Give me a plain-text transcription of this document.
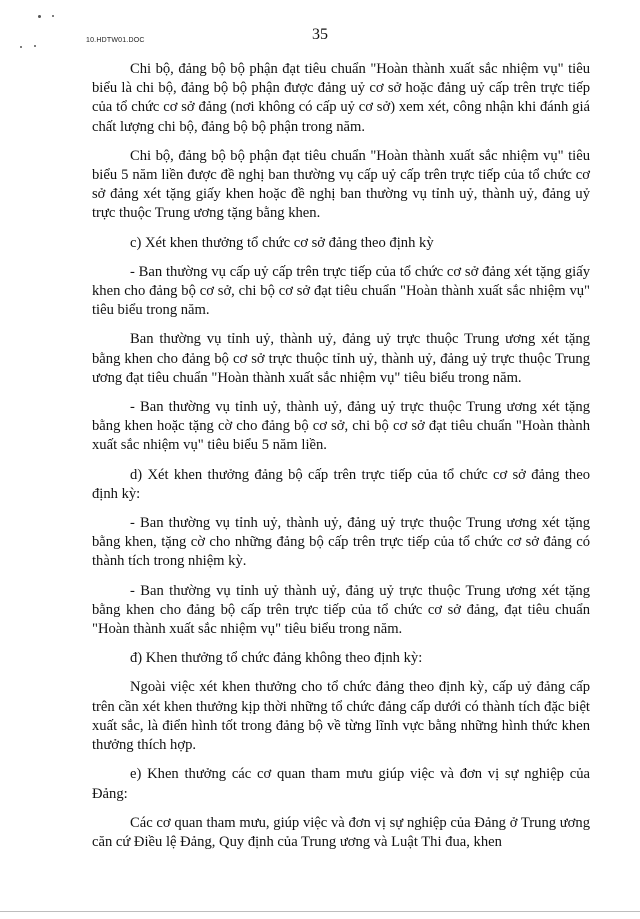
10.HDTW01.DOC	35

Chi bộ, đảng bộ bộ phận đạt tiêu chuẩn "Hoàn thành xuất sắc nhiệm vụ" tiêu biểu là chi bộ, đảng bộ bộ phận được đảng uỷ cơ sở hoặc đảng uỷ cấp trên trực tiếp của tổ chức cơ sở đảng (nơi không có cấp uỷ cơ sở) xem xét, công nhận khi đánh giá chất lượng chi bộ, đảng bộ bộ phận trong năm.

Chi bộ, đảng bộ bộ phận đạt tiêu chuẩn "Hoàn thành xuất sắc nhiệm vụ" tiêu biểu 5 năm liền được đề nghị ban thường vụ cấp uỷ cấp trên trực tiếp của tổ chức cơ sở đảng xét tặng giấy khen hoặc đề nghị ban thường vụ tỉnh uỷ, thành uỷ, đảng uỷ trực thuộc Trung ương tặng bằng khen.

c) Xét khen thưởng tổ chức cơ sở đảng theo định kỳ

- Ban thường vụ cấp uỷ cấp trên trực tiếp của tổ chức cơ sở đảng xét tặng giấy khen cho đảng bộ cơ sở, chi bộ cơ sở đạt tiêu chuẩn "Hoàn thành xuất sắc nhiệm vụ" tiêu biểu trong năm.

Ban thường vụ tỉnh uỷ, thành uỷ, đảng uỷ trực thuộc Trung ương xét tặng bằng khen cho đảng bộ cơ sở trực thuộc tỉnh uỷ, thành uỷ, đảng uỷ trực thuộc Trung ương đạt tiêu chuẩn "Hoàn thành xuất sắc nhiệm vụ" tiêu biểu trong năm.

- Ban thường vụ tỉnh uỷ, thành uỷ, đảng uỷ trực thuộc Trung ương xét tặng bằng khen hoặc tặng cờ cho đảng bộ cơ sở, chi bộ cơ sở đạt tiêu chuẩn "Hoàn thành xuất sắc nhiệm vụ" tiêu biểu 5 năm liền.

d) Xét khen thưởng đảng bộ cấp trên trực tiếp của tổ chức cơ sở đảng theo định kỳ:

- Ban thường vụ tỉnh uỷ, thành uỷ, đảng uỷ trực thuộc Trung ương xét tặng bằng khen, tặng cờ cho những đảng bộ cấp trên trực tiếp của tổ chức cơ sở đảng có thành tích trong nhiệm kỳ.

- Ban thường vụ tỉnh uỷ thành uỷ, đảng uỷ trực thuộc Trung ương xét tặng bằng khen cho đảng bộ cấp trên trực tiếp của tổ chức cơ sở đảng, đạt tiêu chuẩn "Hoàn thành xuất sắc nhiệm vụ" tiêu biểu trong năm.

đ) Khen thưởng tổ chức đảng không theo định kỳ:

Ngoài việc xét khen thưởng cho tổ chức đảng theo định kỳ, cấp uỷ đảng cấp trên cần xét khen thưởng kịp thời những tổ chức đảng cấp dưới có thành tích đặc biệt xuất sắc, là điển hình tốt trong đảng bộ về từng lĩnh vực bằng những hình thức khen thưởng thích hợp.

e) Khen thưởng các cơ quan tham mưu giúp việc và đơn vị sự nghiệp của Đảng:

Các cơ quan tham mưu, giúp việc và đơn vị sự nghiệp của Đảng ở Trung ương căn cứ Điều lệ Đảng, Quy định của Trung ương và Luật Thi đua, khen
